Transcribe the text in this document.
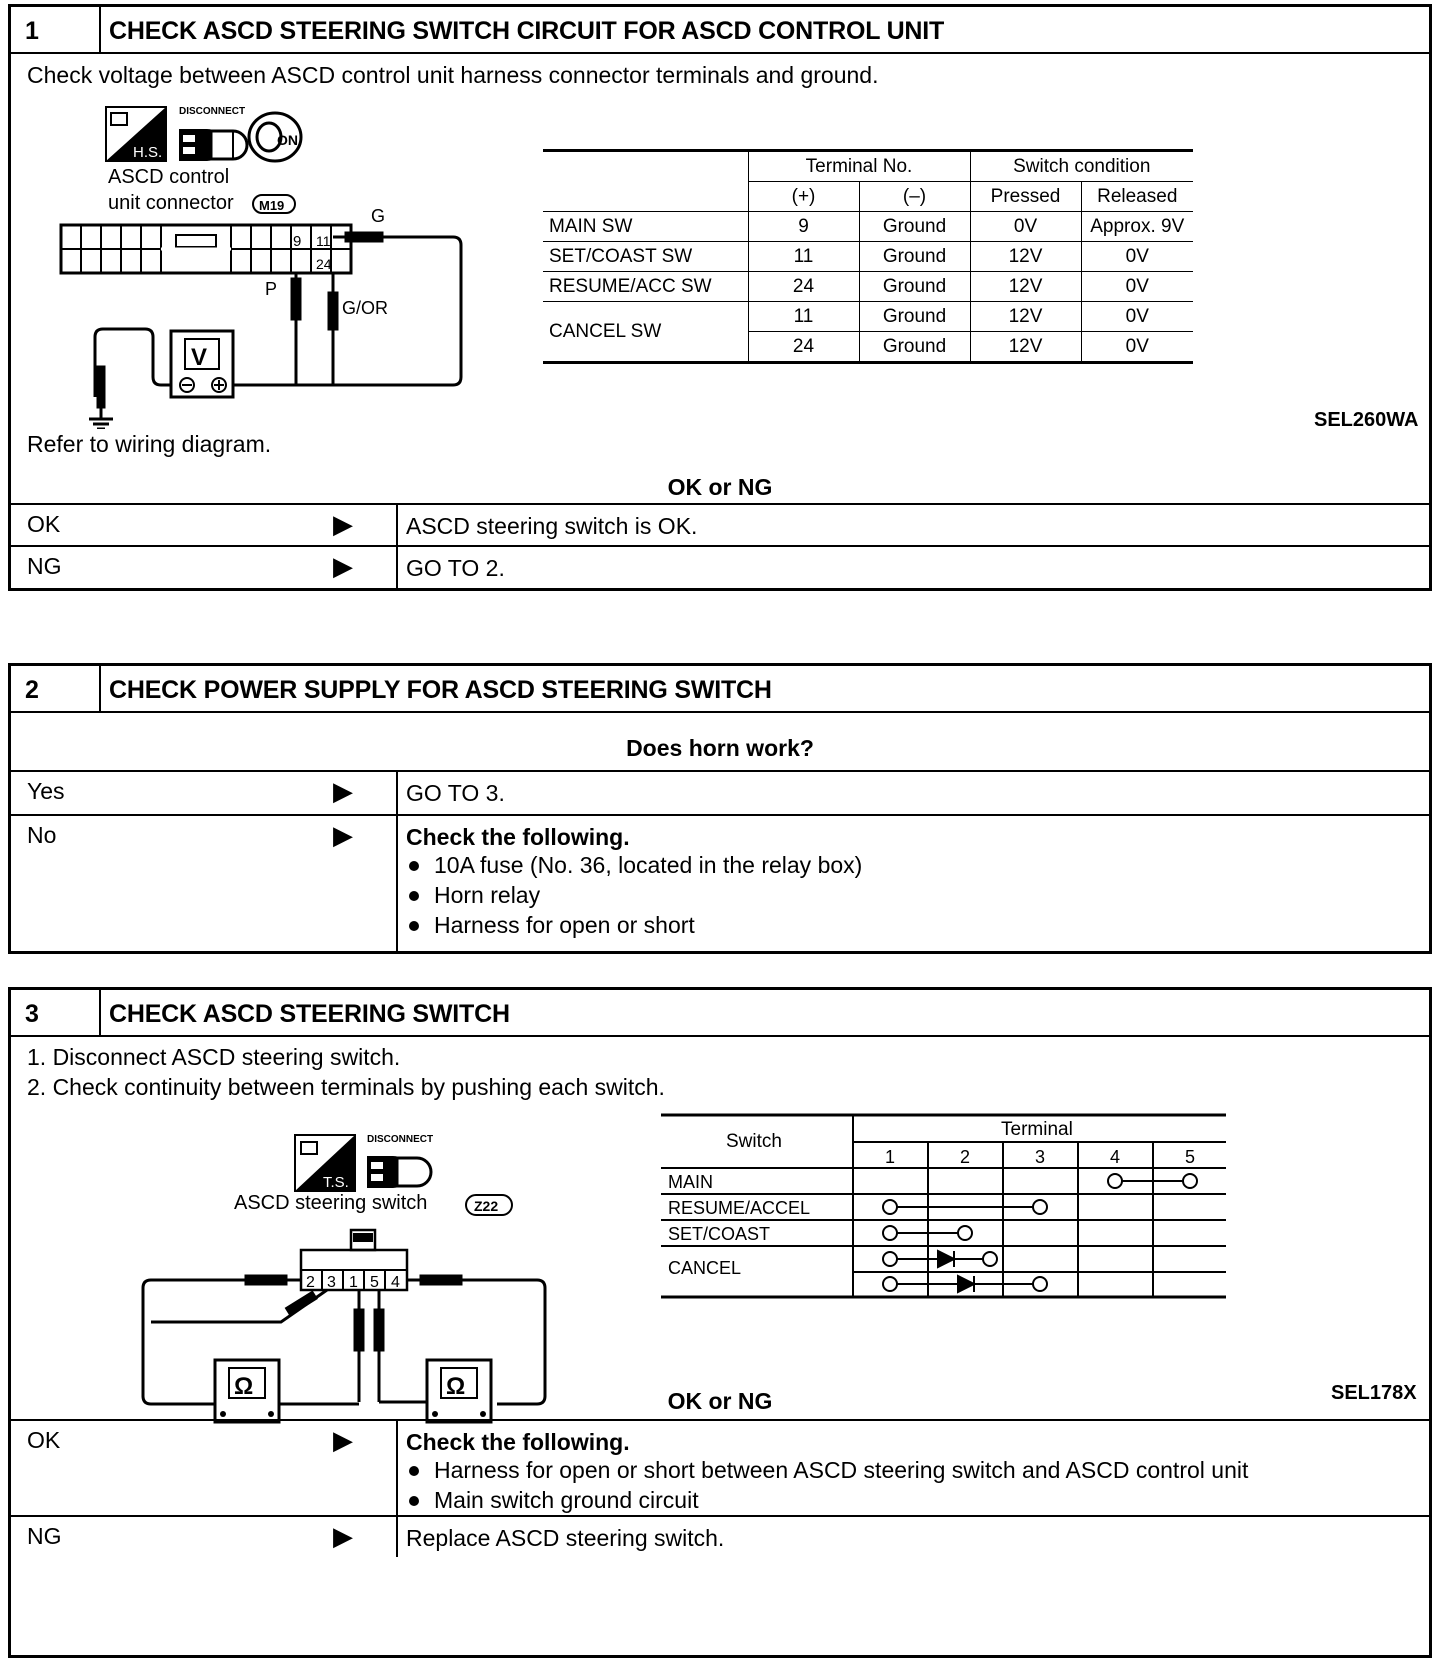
1	CHECK ASCD STEERING SWITCH CIRCUIT FOR ASCD CONTROL UNIT
Check voltage between ASCD control unit harness connector terminals and ground.
H.S.
DISCONNECT
ON
ASCD control
unit connector M19
9 11
24
P
G
G/OR
V
	Terminal No.		Switch condition	
	(+)	(–)	Pressed	Released
MAIN SW	9	Ground	0V	Approx. 9V
SET/COAST SW	11	Ground	12V	0V
RESUME/ACC SW	24	Ground	12V	0V
CANCEL SW	11	Ground	12V	0V
	24	Ground	12V	0V
SEL260WA
Refer to wiring diagram.
OK or NG
OK	▶ ASCD steering switch is OK.
NG	▶ GO TO 2.
2	CHECK POWER SUPPLY FOR ASCD STEERING SWITCH
Does horn work?
Yes	▶ GO TO 3.
No	▶ Check the following.
10A fuse (No. 36, located in the relay box)
Horn relay
Harness for open or short
3	CHECK ASCD STEERING SWITCH
1. Disconnect ASCD steering switch.
2. Check continuity between terminals by pushing each switch.
T.S.
DISCONNECT
ASCD steering switch	Z22
2 3 1 5 4
Ω	Ω
Switch
Terminal
1	2	3	4	5
MAIN
RESUME/ACCEL
SET/COAST
CANCEL
SEL178X
OK or NG
OK	▶ Check the following.
Harness for open or short between ASCD steering switch and ASCD control unit
Main switch ground circuit
NG	▶ Replace ASCD steering switch.
